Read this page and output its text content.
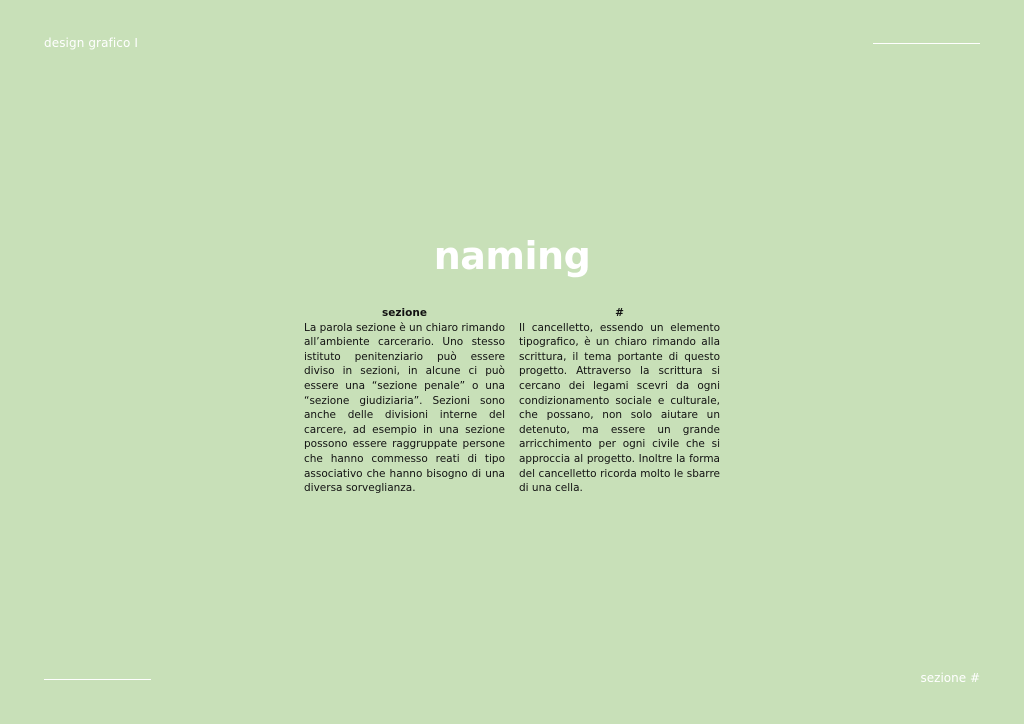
design grafico I
naming
sezione
La parola sezione è un chiaro rimando all’ambiente carcerario. Uno stesso istituto penitenziario può essere diviso in sezioni, in alcune ci può essere una “sezione penale” o una “sezione giudiziaria”. Sezioni sono anche delle divisioni interne del carcere, ad esempio in una sezione possono essere raggruppate persone che hanno commesso reati di tipo associativo che hanno bisogno di una diversa sorveglianza.
#
Il cancelletto, essendo un elemento tipografico, è un chiaro rimando alla scrittura, il tema portante di questo progetto. Attraverso la scrittura si cercano dei legami scevri da ogni condizionamento sociale e culturale, che possano, non solo aiutare un detenuto, ma essere un grande arricchimento per ogni civile che si approccia al progetto. Inoltre la forma del cancelletto ricorda molto le sbarre di una cella.
sezione #
